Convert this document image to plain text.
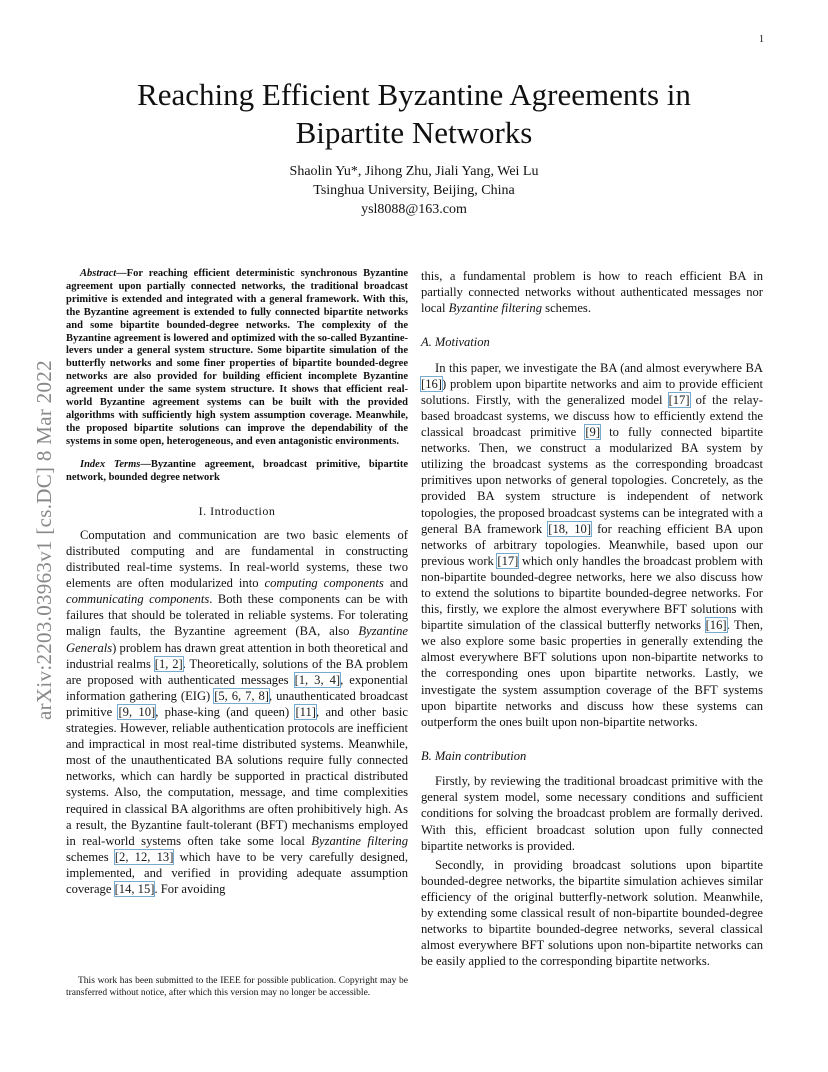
1
arXiv:2203.03963v1 [cs.DC] 8 Mar 2022
Reaching Efficient Byzantine Agreements in
Bipartite Networks

Shaolin Yu*, Jihong Zhu, Jiali Yang, Wei Lu

Tsinghua University, Beijing, China

ysl8088@163.com

Abstract—For reaching efficient deterministic synchronous Byzantine agreement upon partially connected networks, the traditional broadcast primitive is extended and integrated with a general framework. With this, the Byzantine agreement is extended to fully connected bipartite networks and some bipartite bounded-degree networks. The complexity of the Byzantine agreement is lowered and optimized with the so-called Byzantine-levers under a general system structure. Some bipartite simulation of the butterfly networks and some finer properties of bipartite bounded-degree networks are also provided for building efficient incomplete Byzantine agreement under the same system structure. It shows that efficient real-world Byzantine agreement systems can be built with the provided algorithms with sufficiently high system assumption coverage. Meanwhile, the proposed bipartite solutions can improve the dependability of the systems in some open, heterogeneous, and even antagonistic environments.

Index Terms—Byzantine agreement, broadcast primitive, bipartite network, bounded degree network

I. Introduction

Computation and communication are two basic elements of distributed computing and are fundamental in constructing distributed real-time systems. In real-world systems, these two elements are often modularized into computing components and communicating components. Both these components can be with failures that should be tolerated in reliable systems. For tolerating malign faults, the Byzantine agreement (BA, also Byzantine Generals) problem has drawn great attention in both theoretical and industrial realms [1, 2]. Theoretically, solutions of the BA problem are proposed with authenticated messages [1, 3, 4], exponential information gathering (EIG) [5, 6, 7, 8], unauthenticated broadcast primitive [9, 10], phase-king (and queen) [11], and other basic strategies. However, reliable authentication protocols are inefficient and impractical in most real-time distributed systems. Meanwhile, most of the unauthenticated BA solutions require fully connected networks, which can hardly be supported in practical distributed systems. Also, the computation, message, and time complexities required in classical BA algorithms are often prohibitively high. As a result, the Byzantine fault-tolerant (BFT) mechanisms employed in real-world systems often take some local Byzantine filtering schemes [2, 12, 13] which have to be very carefully designed, implemented, and verified in providing adequate assumption coverage [14, 15]. For avoiding

This work has been submitted to the IEEE for possible publication. Copyright may be transferred without notice, after which this version may no longer be accessible.

this, a fundamental problem is how to reach efficient BA in partially connected networks without authenticated messages nor local Byzantine filtering schemes.

A. Motivation

In this paper, we investigate the BA (and almost everywhere BA [16]) problem upon bipartite networks and aim to provide efficient solutions. Firstly, with the generalized model [17] of the relay-based broadcast systems, we discuss how to efficiently extend the classical broadcast primitive [9] to fully connected bipartite networks. Then, we construct a modularized BA system by utilizing the broadcast systems as the corresponding broadcast primitives upon networks of general topologies. Concretely, as the provided BA system structure is independent of network topologies, the proposed broadcast systems can be integrated with a general BA framework [18, 10] for reaching efficient BA upon networks of arbitrary topologies. Meanwhile, based upon our previous work [17] which only handles the broadcast problem with non-bipartite bounded-degree networks, here we also discuss how to extend the solutions to bipartite bounded-degree networks. For this, firstly, we explore the almost everywhere BFT solutions with bipartite simulation of the classical butterfly networks [16]. Then, we also explore some basic properties in generally extending the almost everywhere BFT solutions upon non-bipartite networks to the corresponding ones upon bipartite networks. Lastly, we investigate the system assumption coverage of the BFT systems upon bipartite networks and discuss how these systems can outperform the ones built upon non-bipartite networks.

B. Main contribution

Firstly, by reviewing the traditional broadcast primitive with the general system model, some necessary conditions and sufficient conditions for solving the broadcast problem are formally derived. With this, efficient broadcast solution upon fully connected bipartite networks is provided.

Secondly, in providing broadcast solutions upon bipartite bounded-degree networks, the bipartite simulation achieves similar efficiency of the original butterfly-network solution. Meanwhile, by extending some classical result of non-bipartite bounded-degree networks to bipartite bounded-degree networks, several classical almost everywhere BFT solutions upon non-bipartite networks can be easily applied to the corresponding bipartite networks.
